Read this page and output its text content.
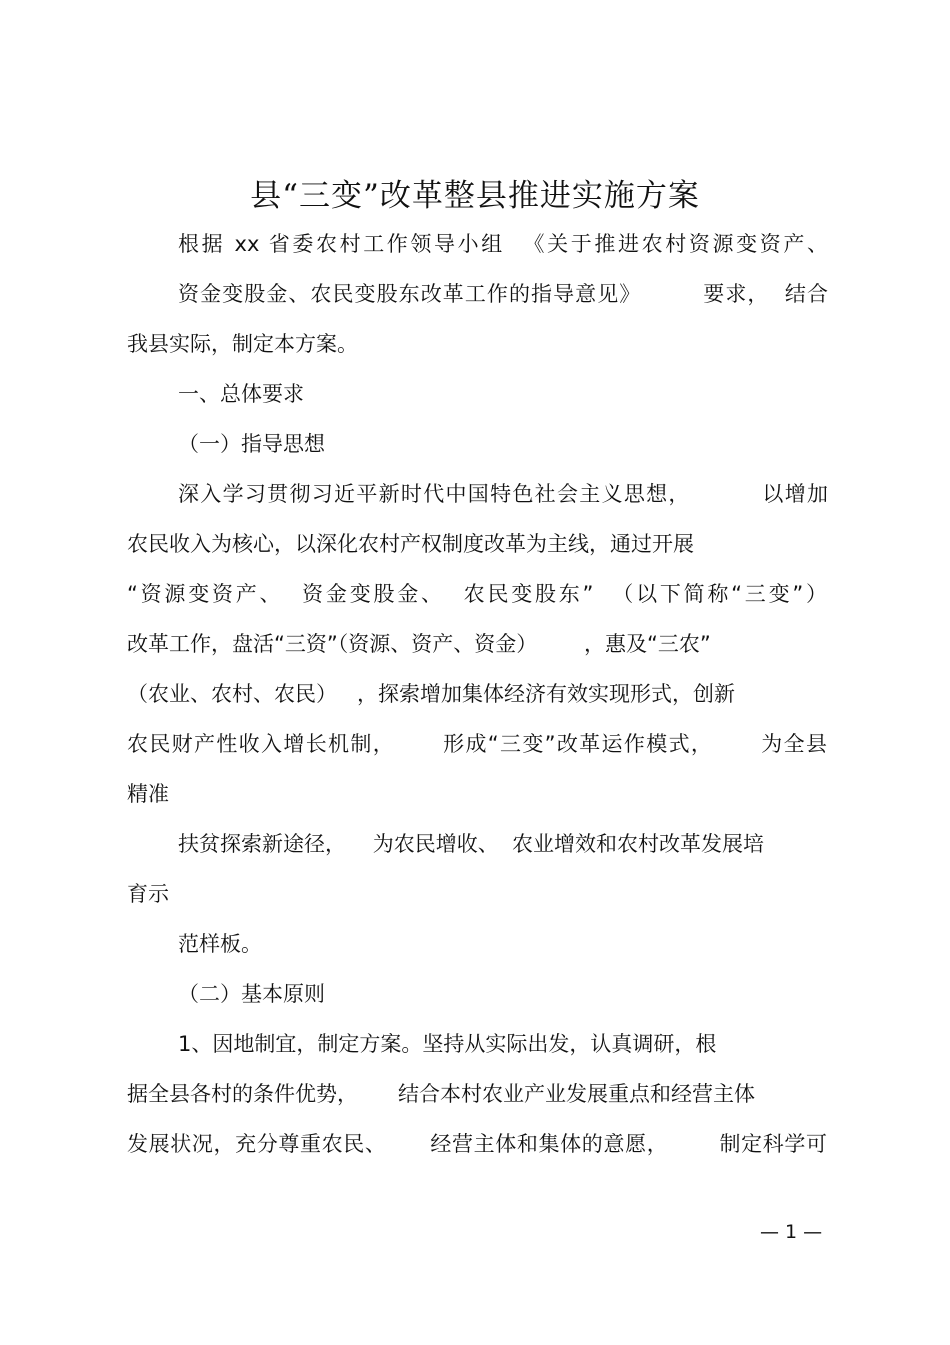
县“三变”改革整县推进实施方案
根据 xx 省委农村工作领导小组  《关于推进农村资源变资产、
资金变股金、农民变股东改革工作的指导意见》        要求，  结合
我县实际，制定本方案。
一、总体要求
（一）指导思想
深入学习贯彻习近平新时代中国特色社会主义思想，         以增加
农民收入为核心，以深化农村产权制度改革为主线，通过开展
“资源变资产、  资金变股金、  农民变股东”  （以下简称“三变”）
改革工作，盘活“三资”（资源、资产、资金）       ，惠及“三农”
（农业、农村、农民）   ，探索增加集体经济有效实现形式，创新
农民财产性收入增长机制，      形成“三变”改革运作模式，      为全县
精准
扶贫探索新途径，    为农民增收、  农业增效和农村改革发展培
育示
范样板。
（二）基本原则
1、因地制宜，制定方案。坚持从实际出发，认真调研，根
据全县各村的条件优势，      结合本村农业产业发展重点和经营主体
发展状况，充分尊重农民、      经营主体和集体的意愿，       制定科学可
— 1 —
